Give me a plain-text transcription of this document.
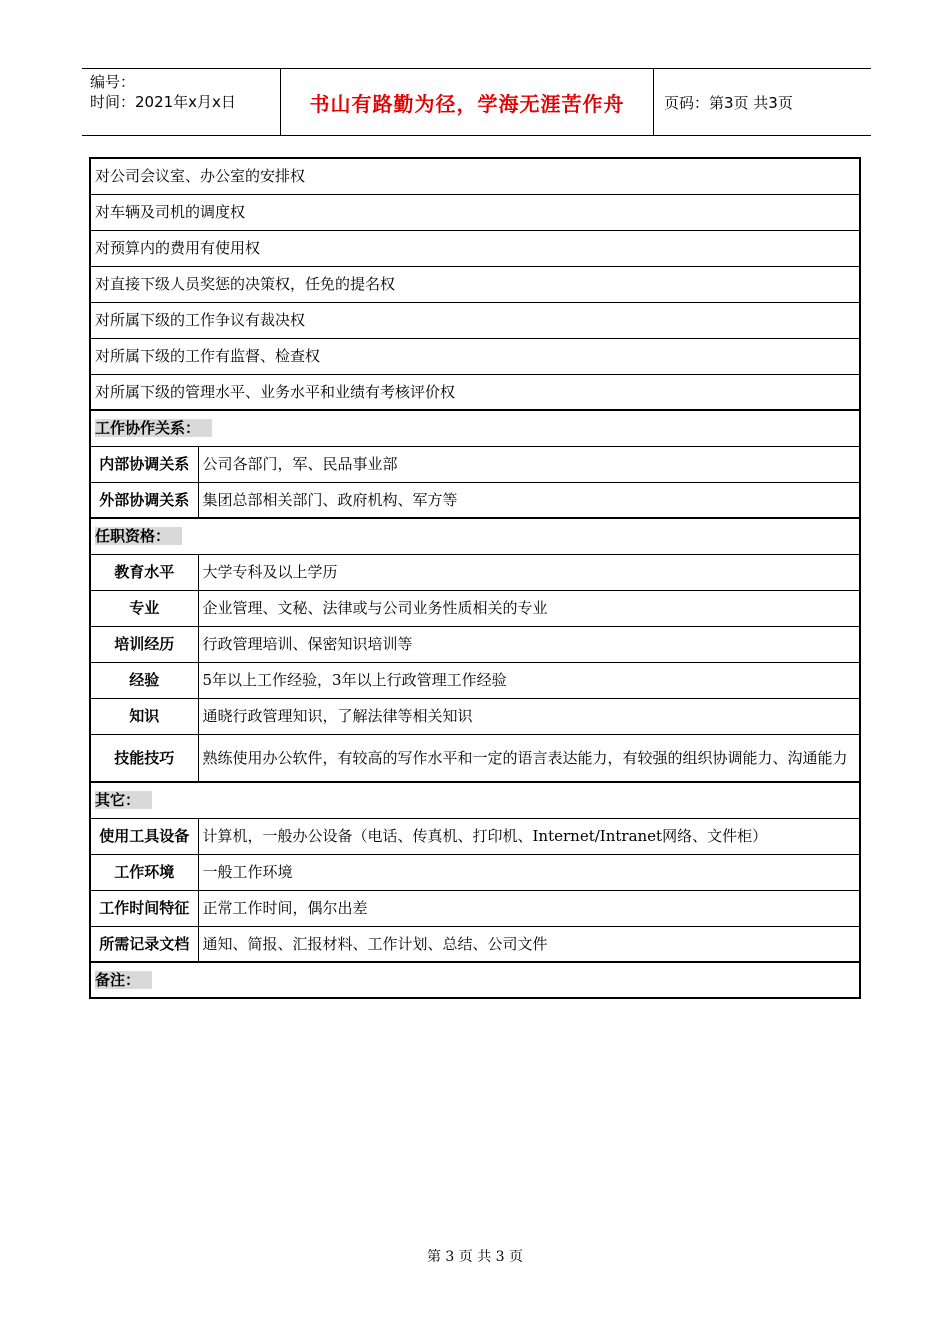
编号：
时间：2021年x月x日	书山有路勤为径，学海无涯苦作舟	页码：第3页 共3页
对公司会议室、办公室的安排权	
对车辆及司机的调度权	
对预算内的费用有使用权	
对直接下级人员奖惩的决策权，任免的提名权	
对所属下级的工作争议有裁决权	
对所属下级的工作有监督、检查权	
对所属下级的管理水平、业务水平和业绩有考核评价权	
工作协作关系：	
内部协调关系	公司各部门，军、民品事业部
外部协调关系	集团总部相关部门、政府机构、军方等
任职资格：	
教育水平	大学专科及以上学历
专业	企业管理、文秘、法律或与公司业务性质相关的专业
培训经历	行政管理培训、保密知识培训等
经验	5年以上工作经验，3年以上行政管理工作经验
知识	通晓行政管理知识，了解法律等相关知识
技能技巧	熟练使用办公软件，有较高的写作水平和一定的语言表达能力，有较强的组织协调能力、沟通能力
其它：	
使用工具设备	计算机，一般办公设备（电话、传真机、打印机、Internet/Intranet网络、文件柜）
工作环境	一般工作环境
工作时间特征	正常工作时间，偶尔出差
所需记录文档	通知、简报、汇报材料、工作计划、总结、公司文件
备注：	
第 3 页 共 3 页
